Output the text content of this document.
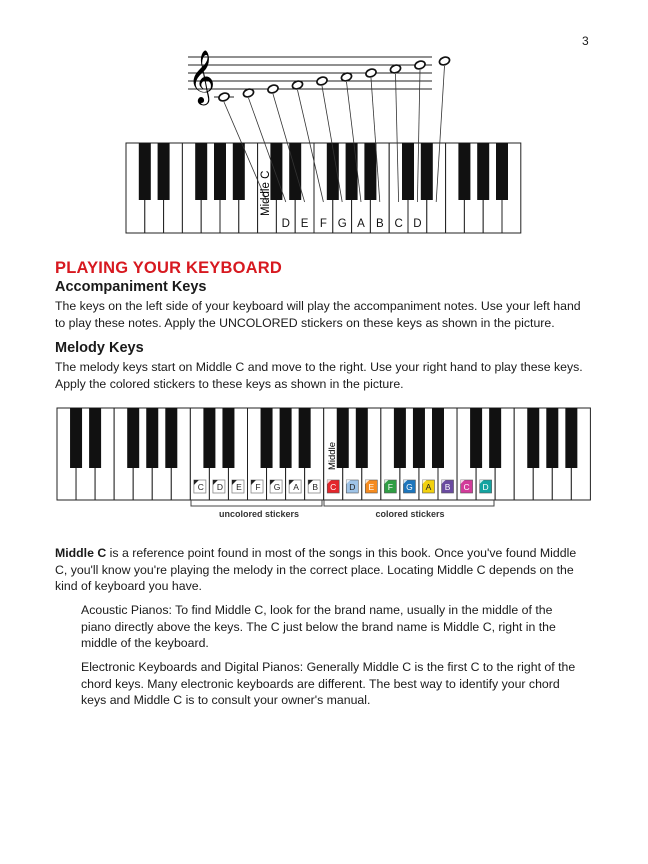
3
𝄞
Middle C
D E F G A B C D
PLAYING YOUR KEYBOARD
Accompaniment Keys

The keys on the left side of your keyboard will play the accompaniment notes. Use your left hand
to play these notes. Apply the UNCOLORED stickers on these keys as shown in the picture.

Melody Keys

The melody keys start on Middle C and move to the right. Use your right hand to play these keys.
Apply the colored stickers to these keys as shown in the picture.

Middle
C D E F G A B C D E F G A B C D
uncolored stickers	colored stickers

Middle C is a reference point found in most of the songs in this book. Once you've found Middle
C, you'll know you're playing the melody in the correct place. Locating Middle C depends on the
kind of keyboard you have.

Acoustic Pianos: To find Middle C, look for the brand name, usually in the middle of the
piano directly above the keys. The C just below the brand name is Middle C, right in the
middle of the keyboard.

Electronic Keyboards and Digital Pianos: Generally Middle C is the first C to the right of the
chord keys. Many electronic keyboards are different. The best way to identify your chord
keys and Middle C is to consult your owner's manual.
